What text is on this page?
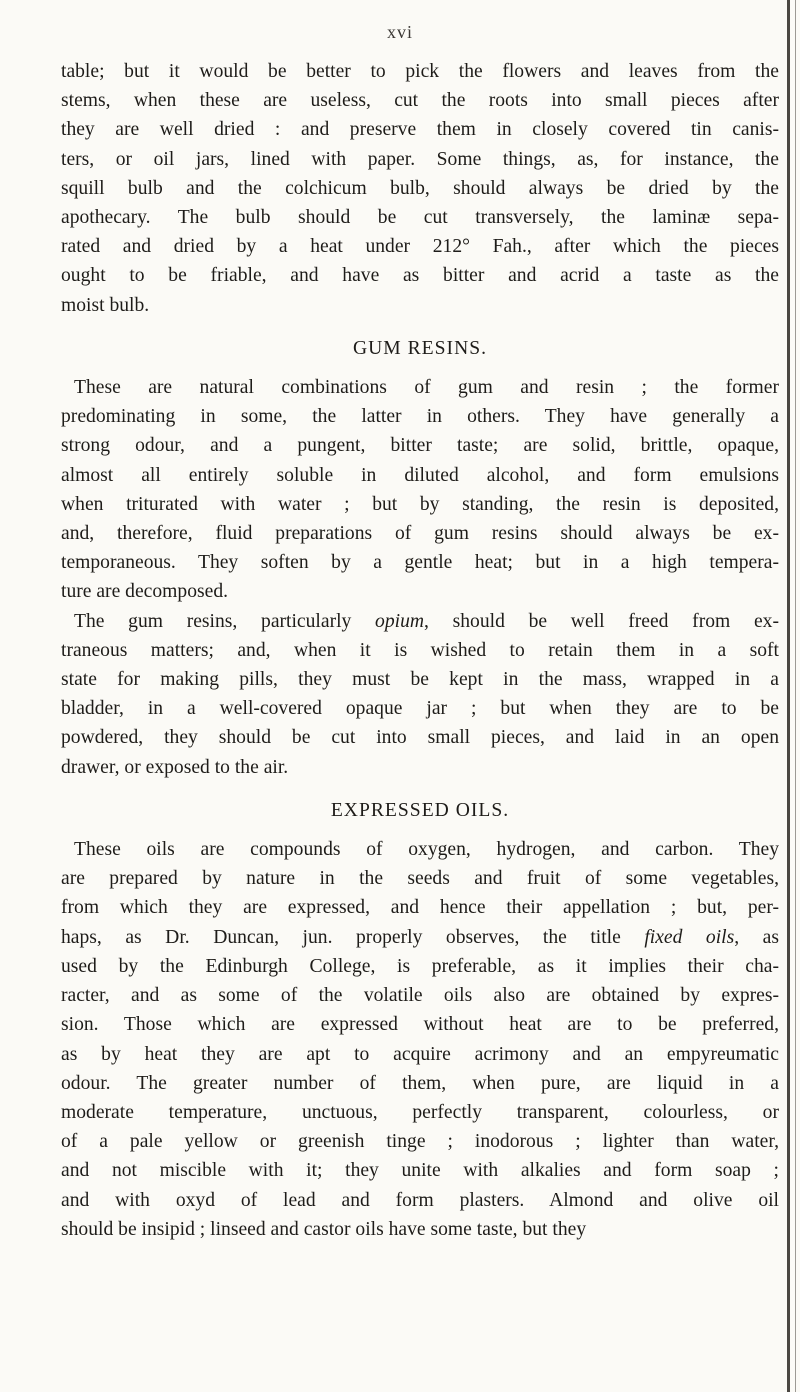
xvi
table; but it would be better to pick the flowers and leaves from the
stems, when these are useless, cut the roots into small pieces after
they are well dried : and preserve them in closely covered tin canis-
ters, or oil jars, lined with paper. Some things, as, for instance, the
squill bulb and the colchicum bulb, should always be dried by the
apothecary. The bulb should be cut transversely, the laminæ sepa-
rated and dried by a heat under 212° Fah., after which the pieces
ought to be friable, and have as bitter and acrid a taste as the
moist bulb.
GUM RESINS.
These are natural combinations of gum and resin ; the former
predominating in some, the latter in others. They have generally a
strong odour, and a pungent, bitter taste; are solid, brittle, opaque,
almost all entirely soluble in diluted alcohol, and form emulsions
when triturated with water ; but by standing, the resin is deposited,
and, therefore, fluid preparations of gum resins should always be ex-
temporaneous. They soften by a gentle heat; but in a high tempera-
ture are decomposed.
The gum resins, particularly opium, should be well freed from ex-
traneous matters; and, when it is wished to retain them in a soft
state for making pills, they must be kept in the mass, wrapped in a
bladder, in a well-covered opaque jar ; but when they are to be
powdered, they should be cut into small pieces, and laid in an open
drawer, or exposed to the air.
EXPRESSED OILS.
These oils are compounds of oxygen, hydrogen, and carbon. They
are prepared by nature in the seeds and fruit of some vegetables,
from which they are expressed, and hence their appellation ; but, per-
haps, as Dr. Duncan, jun. properly observes, the title fixed oils, as
used by the Edinburgh College, is preferable, as it implies their cha-
racter, and as some of the volatile oils also are obtained by expres-
sion. Those which are expressed without heat are to be preferred,
as by heat they are apt to acquire acrimony and an empyreumatic
odour. The greater number of them, when pure, are liquid in a
moderate temperature, unctuous, perfectly transparent, colourless, or
of a pale yellow or greenish tinge ; inodorous ; lighter than water,
and not miscible with it; they unite with alkalies and form soap ;
and with oxyd of lead and form plasters. Almond and olive oil
should be insipid ; linseed and castor oils have some taste, but they
